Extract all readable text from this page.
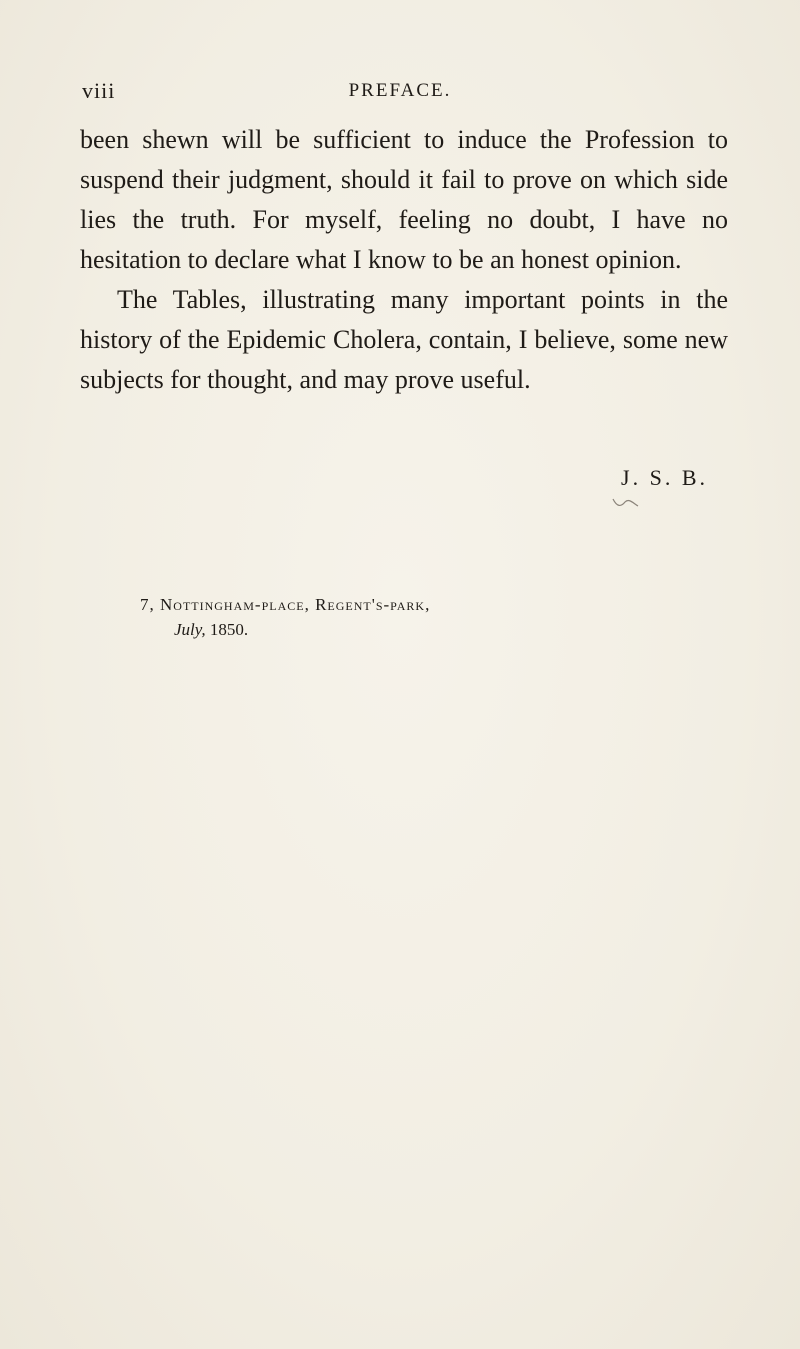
viii	PREFACE.

been shewn will be sufficient to induce the Profession to suspend their judgment, should it fail to prove on which side lies the truth. For myself, feeling no doubt, I have no hesitation to declare what I know to be an honest opinion.

The Tables, illustrating many important points in the history of the Epidemic Cholera, contain, I believe, some new subjects for thought, and may prove useful.

J. S. B.
7, Nottingham-place, Regent's-park,
July, 1850.
